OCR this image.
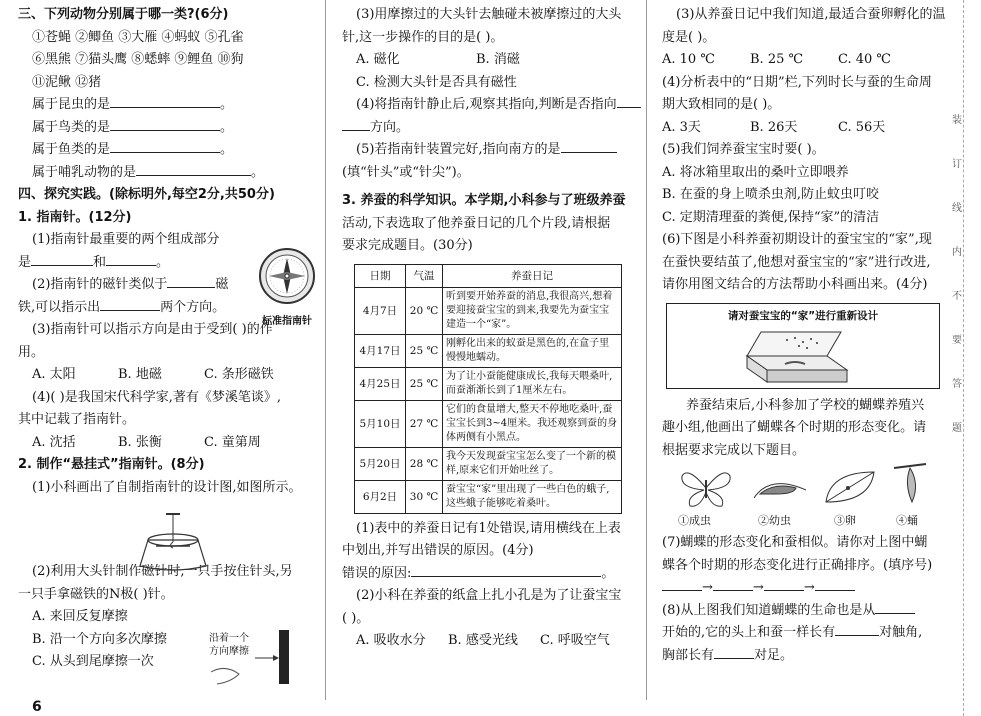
三、下列动物分别属于哪一类?(6分)
①苍蝇 ②鲫鱼 ③大雁 ④蚂蚁 ⑤孔雀
⑥黑熊 ⑦猫头鹰 ⑧蟋蟀 ⑨鲤鱼 ⑩狗
⑪泥鳅 ⑫猪
属于昆虫的是	。
属于鸟类的是	。
属于鱼类的是	。
属于哺乳动物的是	。
四、探究实践。(除标明外,每空2分,共50分)
1. 指南针。(12分)
(1)指南针最重要的两个组成部分
是	和	。
(2)指南针的磁针类似于	磁
铁,可以指示出	两个方向。
(3)指南针可以指示方向是由于受到( )的作
用。
A. 太阳	B. 地磁	C. 条形磁铁
(4)( )是我国宋代科学家,著有《梦溪笔谈》,
其中记载了指南针。
A. 沈括	B. 张衡	C. 童第周
2. 制作“悬挂式”指南针。(8分)
(1)小科画出了自制指南针的设计图,如图所示。
(2)利用大头针制作磁针时,一只手按住针头,另
一只手拿磁铁的N极( )针。
A. 来回反复摩擦
B. 沿一个方向多次摩擦
C. 从头到尾摩擦一次
标准指南针
沿着一个
方向摩擦
(3)用摩擦过的大头针去触碰未被摩擦过的大头
针,这一步操作的目的是( )。
A. 磁化	B. 消磁
C. 检测大头针是否具有磁性
(4)将指南针静止后,观察其指向,判断是否指向
方向。
(5)若指南针装置完好,指向南方的是
(填“针头”或“针尖”)。
3. 养蚕的科学知识。本学期,小科参与了班级养蚕
活动,下表选取了他养蚕日记的几个片段,请根据
要求完成题目。(30分)
日期	气温	养蚕日记
4月7日	20 ℃	听到要开始养蚕的消息,我很高兴,想着要迎接蚕宝宝的到来,我要先为蚕宝宝建造一个“家”。
4月17日	25 ℃	刚孵化出来的蚁蚕是黑色的,在盒子里慢慢地蠕动。
4月25日	25 ℃	为了让小蚕能健康成长,我每天喂桑叶,而蚕渐渐长到了1厘米左右。
5月10日	27 ℃	它们的食量增大,整天不停地吃桑叶,蚕宝宝长到3~4厘米。我还观察到蚕的身体两侧有小黑点。
5月20日	28 ℃	我今天发现蚕宝宝怎么变了一个新的模样,原来它们开始吐丝了。
6月2日	30 ℃	蚕宝宝“家”里出现了一些白色的蛾子,这些蛾子能够吃着桑叶。
(1)表中的养蚕日记有1处错误,请用横线在上表
中划出,并写出错误的原因。(4分)
错误的原因:	。
(2)小科在养蚕的纸盒上扎小孔是为了让蚕宝宝
( )。
A. 吸收水分 B. 感受光线 C. 呼吸空气
(3)从养蚕日记中我们知道,最适合蚕卵孵化的温
度是( )。
A. 10 ℃	B. 25 ℃	C. 40 ℃
(4)分析表中的“日期”栏,下列时长与蚕的生命周
期大致相同的是( )。
A. 3天	B. 26天	C. 56天
(5)我们饲养蚕宝宝时要( )。
A. 将冰箱里取出的桑叶立即喂养
B. 在蚕的身上喷杀虫剂,防止蚊虫叮咬
C. 定期清理蚕的粪便,保持“家”的清洁
(6)下图是小科养蚕初期设计的蚕宝宝的“家”,现
在蚕快要结茧了,他想对蚕宝宝的“家”进行改进,
请你用图文结合的方法帮助小科画出来。(4分)
请对蚕宝宝的“家”进行重新设计
养蚕结束后,小科参加了学校的蝴蝶养殖兴
趣小组,他画出了蝴蝶各个时期的形态变化。请
根据要求完成以下题目。
①成虫	②幼虫	③卵	④蛹
(7)蝴蝶的形态变化和蚕相似。请你对上图中蝴
蝶各个时期的形态变化进行正确排序。(填序号)
→	→	→
(8)从上图我们知道蝴蝶的生命也是从
开始的,它的头上和蚕一样长有	对触角,
胸部长有	对足。
装
订
线
内
不
要
答
题
6
